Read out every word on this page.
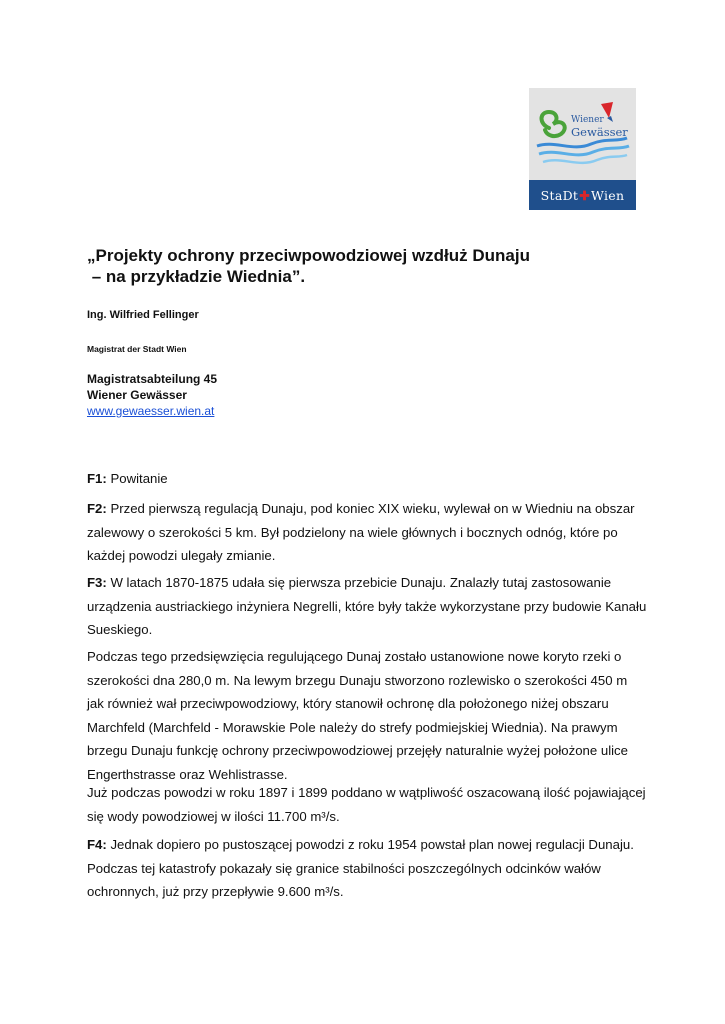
Wiener
Gewässer
StaDt ✚ Wien
„Projekty ochrony przeciwpowodziowej wzdłuż Dunaju
– na przykładzie Wiednia”.
Ing. Wilfried Fellinger
Magistrat der Stadt Wien
Magistratsabteilung 45
Wiener Gewässer
www.gewaesser.wien.at

F1: Powitanie

F2: Przed pierwszą regulacją Dunaju, pod koniec XIX wieku, wylewał on w Wiedniu na obszar zalewowy o szerokości 5 km. Był podzielony na wiele głównych i bocznych odnóg, które po każdej powodzi ulegały zmianie.

F3: W latach 1870-1875 udała się pierwsza przebicie Dunaju. Znalazły tutaj zastosowanie urządzenia austriackiego inżyniera Negrelli, które były także wykorzystane przy budowie Kanału Sueskiego.

Podczas tego przedsięwzięcia regulującego Dunaj zostało ustanowione nowe koryto rzeki o szerokości dna 280,0 m. Na lewym brzegu Dunaju stworzono rozlewisko o szerokości 450 m jak również wał przeciwpowodziowy, który stanowił ochronę dla położonego niżej obszaru Marchfeld (Marchfeld - Morawskie Pole należy do strefy podmiejskiej Wiednia). Na prawym brzegu Dunaju funkcję ochrony przeciwpowodziowej przejęły naturalnie wyżej położone ulice Engerthstrasse oraz Wehlistrasse.

Już podczas powodzi w roku 1897 i 1899 poddano w wątpliwość oszacowaną ilość pojawiającej się wody powodziowej w ilości 11.700 m³/s.

F4: Jednak dopiero po pustoszącej powodzi z roku 1954 powstał plan nowej regulacji Dunaju. Podczas tej katastrofy pokazały się granice stabilności poszczególnych odcinków wałów ochronnych, już przy przepływie 9.600 m³/s.
